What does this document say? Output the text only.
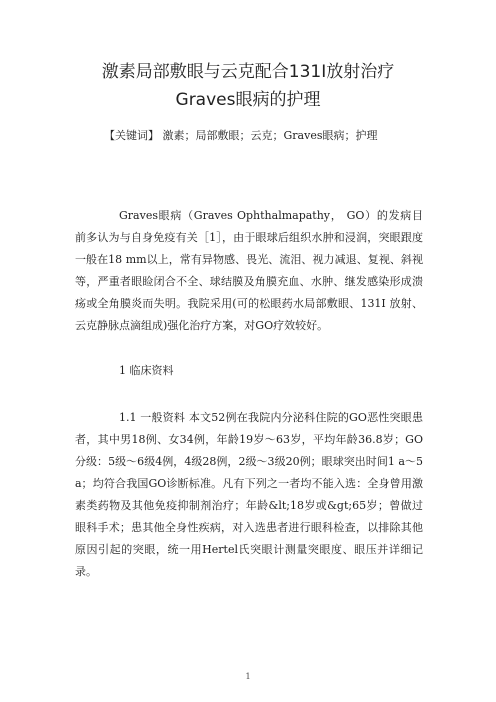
激素局部敷眼与云克配合131I放射治疗
Graves眼病的护理
【关键词】 激素；局部敷眼；云克；Graves眼病；护理
Graves眼病（Graves Ophthalmapathy， GO）的发病目前多认为与自身免疫有关［1］，由于眼球后组织水肿和浸润，突眼跟度一般在18 mm以上，常有异物感、畏光、流泪、视力减退、复视、斜视等，严重者眼睑闭合不全、球结膜及角膜充血、水肿、继发感染形成溃疡或全角膜炎而失明。我院采用(可的松眼药水局部敷眼、131I 放射、云克静脉点滴组成)强化治疗方案，对GO疗效较好。
1 临床资料
1.1 一般资料 本文52例在我院内分泌科住院的GO恶性突眼患者，其中男18例、女34例，年龄19岁～63岁，平均年龄36.8岁；GO分级：5级～6级4例，4级28例，2级～3级20例；眼球突出时间1 a～5 a；均符合我国GO诊断标准。凡有下列之一者均不能入选：全身曾用激素类药物及其他免疫抑制剂治疗；年龄&lt;18岁或&gt;65岁；曾做过眼科手术；患其他全身性疾病，对入选患者进行眼科检查，以排除其他原因引起的突眼，统一用Hertel氏突眼计测量突眼度、眼压并详细记录。
1
